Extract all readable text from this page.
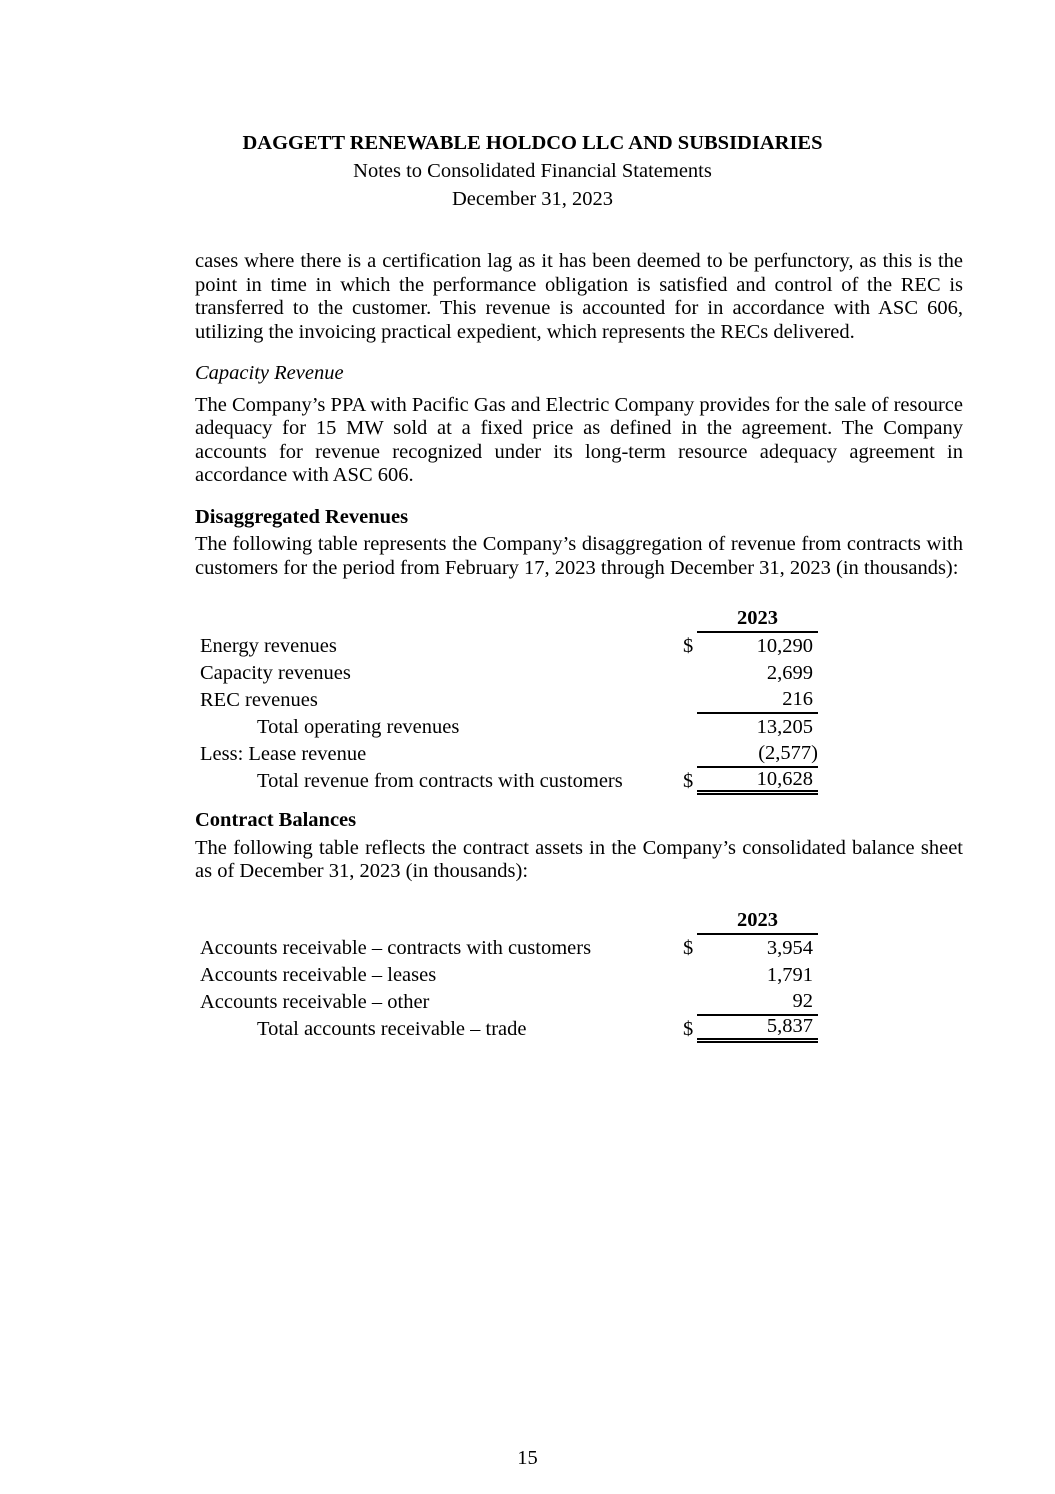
DAGGETT RENEWABLE HOLDCO LLC AND SUBSIDIARIES
Notes to Consolidated Financial Statements
December 31, 2023

cases where there is a certification lag as it has been deemed to be perfunctory, as this is the point in time in which the performance obligation is satisfied and control of the REC is transferred to the customer. This revenue is accounted for in accordance with ASC 606, utilizing the invoicing practical expedient, which represents the RECs delivered.

Capacity Revenue

The Company’s PPA with Pacific Gas and Electric Company provides for the sale of resource adequacy for 15 MW sold at a fixed price as defined in the agreement. The Company accounts for revenue recognized under its long-term resource adequacy agreement in accordance with ASC 606.

Disaggregated Revenues

The following table represents the Company’s disaggregation of revenue from contracts with customers for the period from February 17, 2023 through December 31, 2023 (in thousands):

2023
Energy revenues	$	10,290
Capacity revenues	2,699
REC revenues	216
Total operating revenues	13,205
Less: Lease revenue	(2,577)
Total revenue from contracts with customers	$	10,628
Contract Balances

The following table reflects the contract assets in the Company’s consolidated balance sheet as of December 31, 2023 (in thousands):

2023
Accounts receivable – contracts with customers	$	3,954
Accounts receivable – leases	1,791
Accounts receivable – other	92
Total accounts receivable – trade	$	5,837
15
